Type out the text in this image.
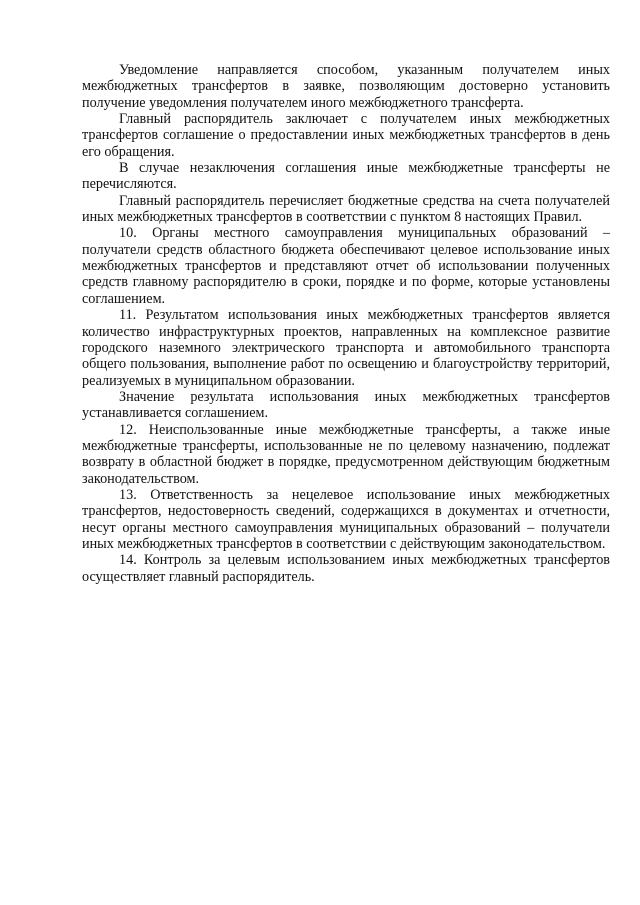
Уведомление направляется способом, указанным получателем иных межбюджетных трансфертов в заявке, позволяющим достоверно установить получение уведомления получателем иного межбюджетного трансферта.

Главный распорядитель заключает с получателем иных межбюджетных трансфертов соглашение о предоставлении иных межбюджетных трансфертов в день его обращения.

В случае незаключения соглашения иные межбюджетные трансферты не перечисляются.

Главный распорядитель перечисляет бюджетные средства на счета получателей иных межбюджетных трансфертов в соответствии с пунктом 8 настоящих Правил.

10. Органы местного самоуправления муниципальных образований – получатели средств областного бюджета обеспечивают целевое использование иных межбюджетных трансфертов и представляют отчет об использовании полученных средств главному распорядителю в сроки, порядке и по форме, которые установлены соглашением.

11. Результатом использования иных межбюджетных трансфертов является количество инфраструктурных проектов, направленных на комплексное развитие городского наземного электрического транспорта и автомобильного транспорта общего пользования, выполнение работ по освещению и благоустройству территорий, реализуемых в муниципальном образовании.

Значение результата использования иных межбюджетных трансфертов устанавливается соглашением.

12. Неиспользованные иные межбюджетные трансферты, а также иные межбюджетные трансферты, использованные не по целевому назначению, подлежат возврату в областной бюджет в порядке, предусмотренном действующим бюджетным законодательством.

13. Ответственность за нецелевое использование иных межбюджетных трансфертов, недостоверность сведений, содержащихся в документах и отчетности, несут органы местного самоуправления муниципальных образований – получатели иных межбюджетных трансфертов в соответствии с действующим законодательством.

14. Контроль за целевым использованием иных межбюджетных трансфертов осуществляет главный распорядитель.
